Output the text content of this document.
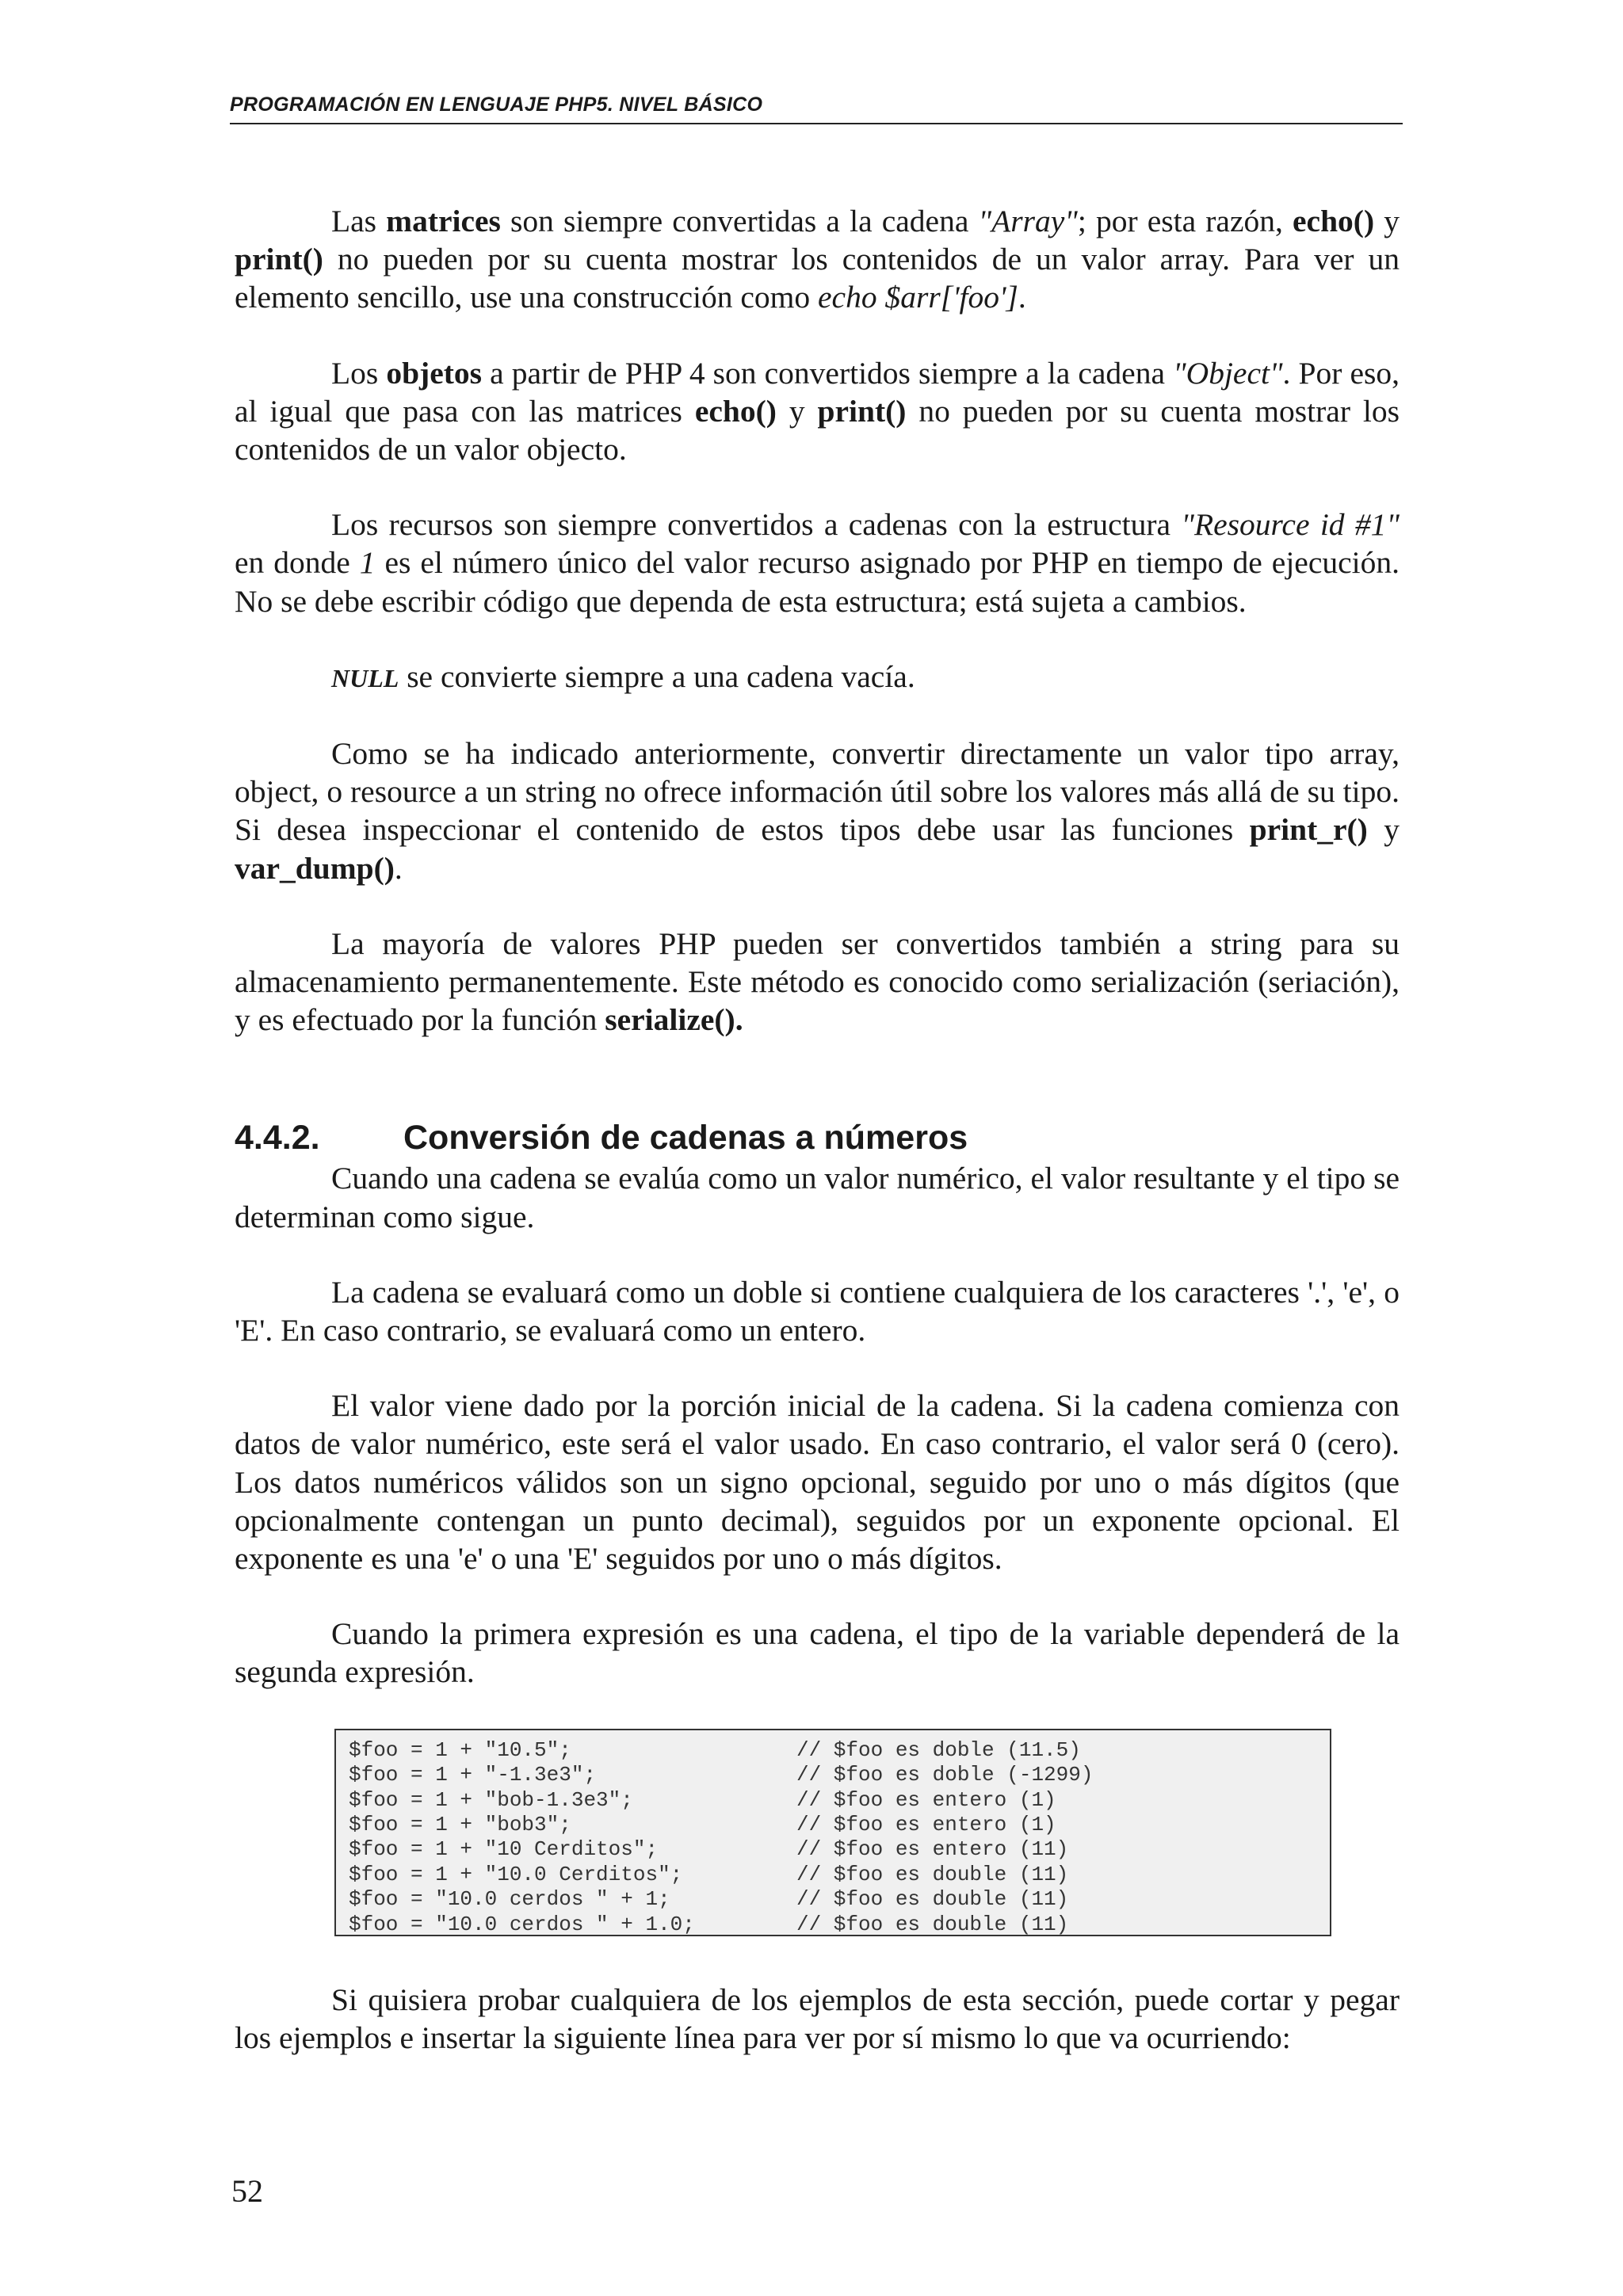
PROGRAMACIÓN EN LENGUAJE PHP5. NIVEL BÁSICO

Las matrices son siempre convertidas a la cadena "Array"; por esta razón, echo() y print() no pueden por su cuenta mostrar los contenidos de un valor array. Para ver un elemento sencillo, use una construcción como echo $arr['foo'].

Los objetos a partir de PHP 4 son convertidos siempre a la cadena "Object". Por eso, al igual que pasa con las matrices echo() y print() no pueden por su cuenta mostrar los contenidos de un valor objecto.

Los recursos son siempre convertidos a cadenas con la estructura "Resource id #1" en donde 1 es el número único del valor recurso asignado por PHP en tiempo de ejecución. No se debe escribir código que dependa de esta estructura; está sujeta a cambios.

NULL se convierte siempre a una cadena vacía.

Como se ha indicado anteriormente, convertir directamente un valor tipo array, object, o resource a un string no ofrece información útil sobre los valores más allá de su tipo. Si desea inspeccionar el contenido de estos tipos debe usar las funciones print_r() y var_dump().

La mayoría de valores PHP pueden ser convertidos también a string para su almacenamiento permanentemente. Este método es conocido como serialización (seriación), y es efectuado por la función serialize().

4.4.2.	Conversión de cadenas a números

Cuando una cadena se evalúa como un valor numérico, el valor resultante y el tipo se determinan como sigue.

La cadena se evaluará como un doble si contiene cualquiera de los caracteres '.', 'e', o 'E'. En caso contrario, se evaluará como un entero.

El valor viene dado por la porción inicial de la cadena. Si la cadena comienza con datos de valor numérico, este será el valor usado. En caso contrario, el valor será 0 (cero). Los datos numéricos válidos son un signo opcional, seguido por uno o más dígitos (que opcionalmente contengan un punto decimal), seguidos por un exponente opcional. El exponente es una 'e' o una 'E' seguidos por uno o más dígitos.

Cuando la primera expresión es una cadena, el tipo de la variable dependerá de la segunda expresión.

$foo = 1 + "10.5";	// $foo es doble (11.5)
$foo = 1 + "-1.3e3";	// $foo es doble (-1299)
$foo = 1 + "bob-1.3e3";	// $foo es entero (1)
$foo = 1 + "bob3";	// $foo es entero (1)
$foo = 1 + "10 Cerditos";	// $foo es entero (11)
$foo = 1 + "10.0 Cerditos";	// $foo es double (11)
$foo = "10.0 cerdos " + 1;	// $foo es double (11)
$foo = "10.0 cerdos " + 1.0;	// $foo es double (11)

Si quisiera probar cualquiera de los ejemplos de esta sección, puede cortar y pegar los ejemplos e insertar la siguiente línea para ver por sí mismo lo que va ocurriendo:

52
